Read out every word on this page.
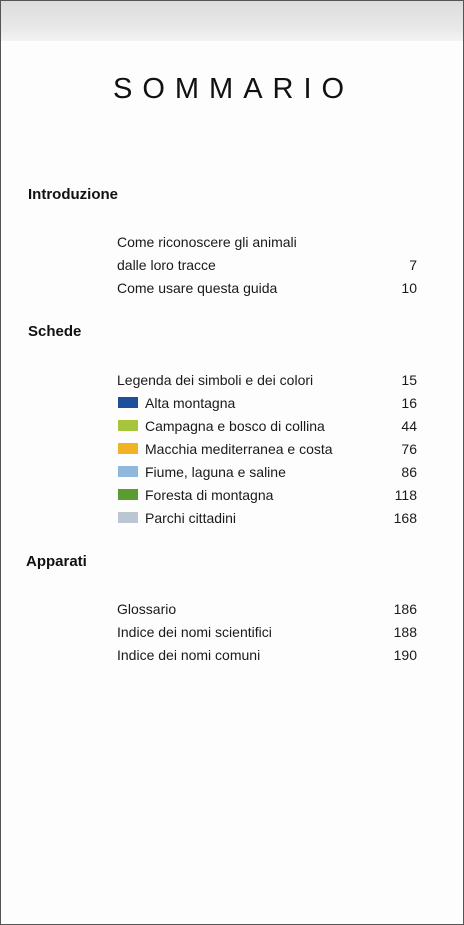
SOMMARIO
Introduzione
Come riconoscere gli animali
dalle loro tracce	7
Come usare questa guida	10
Schede
Legenda dei simboli e dei colori	15
Alta montagna	16
Campagna e bosco di collina	44
Macchia mediterranea e costa	76
Fiume, laguna e saline	86
Foresta di montagna	118
Parchi cittadini	168
Apparati
Glossario	186
Indice dei nomi scientifici	188
Indice dei nomi comuni	190
